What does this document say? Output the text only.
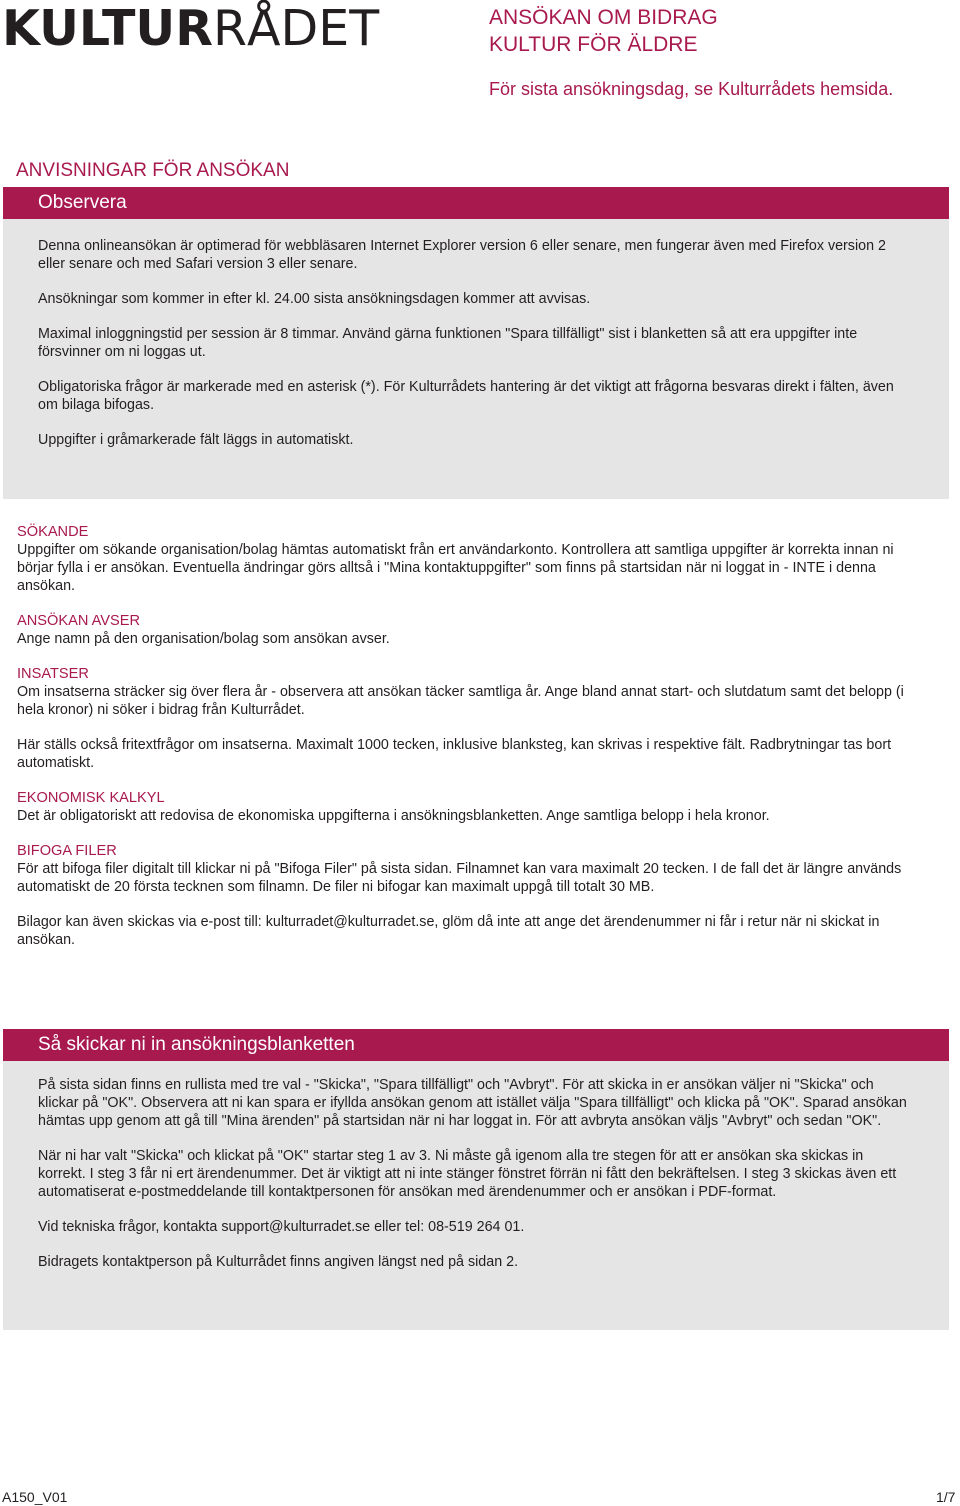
KULTURRÅDET	ANSÖKAN OM BIDRAG
KULTUR FÖR ÄLDRE
För sista ansökningsdag, se Kulturrådets hemsida.
ANVISNINGAR FÖR ANSÖKAN
Observera

Denna onlineansökan är optimerad för webbläsaren Internet Explorer version 6 eller senare, men fungerar även med Firefox version 2 eller senare och med Safari version 3 eller senare.

Ansökningar som kommer in efter kl. 24.00 sista ansökningsdagen kommer att avvisas.

Maximal inloggningstid per session är 8 timmar. Använd gärna funktionen "Spara tillfälligt" sist i blanketten så att era uppgifter inte försvinner om ni loggas ut.

Obligatoriska frågor är markerade med en asterisk (*). För Kulturrådets hantering är det viktigt att frågorna besvaras direkt i fälten, även om bilaga bifogas.

Uppgifter i gråmarkerade fält läggs in automatiskt.

SÖKANDE
Uppgifter om sökande organisation/bolag hämtas automatiskt från ert användarkonto. Kontrollera att samtliga uppgifter är korrekta innan ni börjar fylla i er ansökan. Eventuella ändringar görs alltså i "Mina kontaktuppgifter" som finns på startsidan när ni loggat in - INTE i denna ansökan.
ANSÖKAN AVSER
Ange namn på den organisation/bolag som ansökan avser.
INSATSER
Om insatserna sträcker sig över flera år - observera att ansökan täcker samtliga år. Ange bland annat start- och slutdatum samt det belopp (i hela kronor) ni söker i bidrag från Kulturrådet.
Här ställs också fritextfrågor om insatserna. Maximalt 1000 tecken, inklusive blanksteg, kan skrivas i respektive fält. Radbrytningar tas bort automatiskt.
EKONOMISK KALKYL
Det är obligatoriskt att redovisa de ekonomiska uppgifterna i ansökningsblanketten. Ange samtliga belopp i hela kronor.
BIFOGA FILER
För att bifoga filer digitalt till klickar ni på "Bifoga Filer" på sista sidan. Filnamnet kan vara maximalt 20 tecken. I de fall det är längre används automatiskt de 20 första tecknen som filnamn. De filer ni bifogar kan maximalt uppgå till totalt 30 MB.
Bilagor kan även skickas via e-post till: kulturradet@kulturradet.se, glöm då inte att ange det ärendenummer ni får i retur när ni skickat in ansökan.
Så skickar ni in ansökningsblanketten

På sista sidan finns en rullista med tre val - "Skicka", "Spara tillfälligt" och "Avbryt". För att skicka in er ansökan väljer ni "Skicka" och klickar på "OK". Observera att ni kan spara er ifyllda ansökan genom att istället välja "Spara tillfälligt" och klicka på "OK". Sparad ansökan hämtas upp genom att gå till "Mina ärenden" på startsidan när ni har loggat in. För att avbryta ansökan väljs "Avbryt" och sedan "OK".

När ni har valt "Skicka" och klickat på "OK" startar steg 1 av 3. Ni måste gå igenom alla tre stegen för att er ansökan ska skickas in korrekt. I steg 3 får ni ert ärendenummer. Det är viktigt att ni inte stänger fönstret förrän ni fått den bekräftelsen. I steg 3 skickas även ett automatiserat e-postmeddelande till kontaktpersonen för ansökan med ärendenummer och er ansökan i PDF-format.

Vid tekniska frågor, kontakta support@kulturradet.se eller tel: 08-519 264 01.

Bidragets kontaktperson på Kulturrådet finns angiven längst ned på sidan 2.

A150_V01	1/7
